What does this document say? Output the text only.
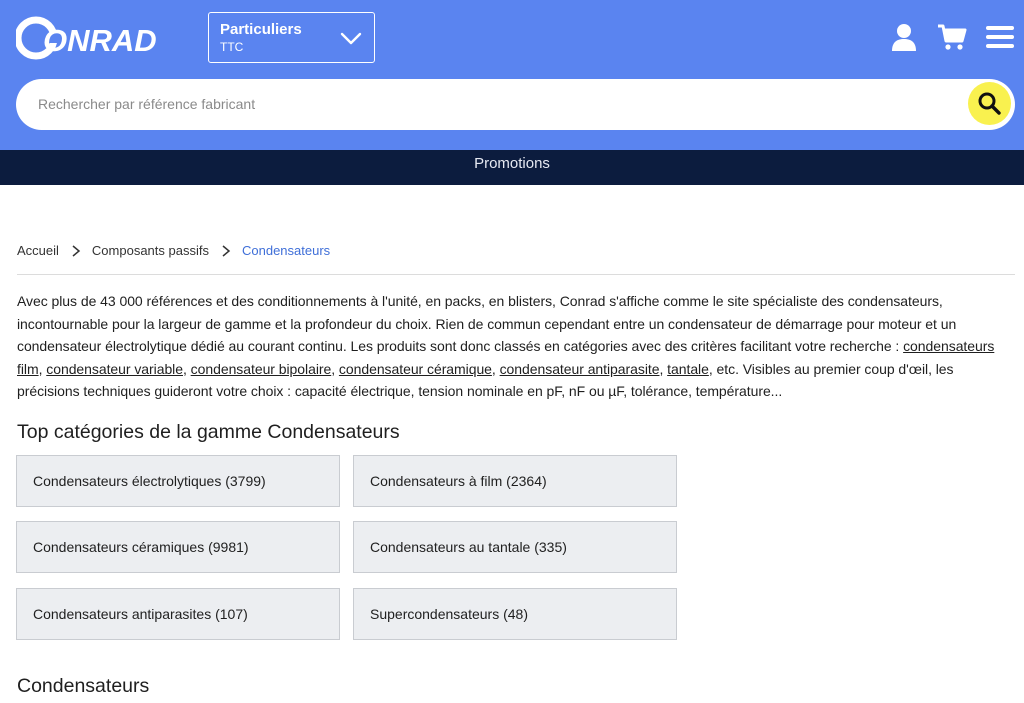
ONRAD	Particuliers
TTC
Rechercher par référence fabricant
Promotions
Accueil	Composants passifs	Condensateurs

Avec plus de 43 000 références et des conditionnements à l'unité, en packs, en blisters, Conrad s'affiche comme le site spécialiste des condensateurs, incontournable pour la largeur de gamme et la profondeur du choix. Rien de commun cependant entre un condensateur de démarrage pour moteur et un condensateur électrolytique dédié au courant continu. Les produits sont donc classés en catégories avec des critères facilitant votre recherche : condensateurs film, condensateur variable, condensateur bipolaire, condensateur céramique, condensateur antiparasite, tantale, etc. Visibles au premier coup d'œil, les précisions techniques guideront votre choix : capacité électrique, tension nominale en pF, nF ou µF, tolérance, température...

Top catégories de la gamme Condensateurs
Condensateurs électrolytiques (3799)	Condensateurs à film (2364)
Condensateurs céramiques (9981)	Condensateurs au tantale (335)
Condensateurs antiparasites (107)	Supercondensateurs (48)
Condensateurs
